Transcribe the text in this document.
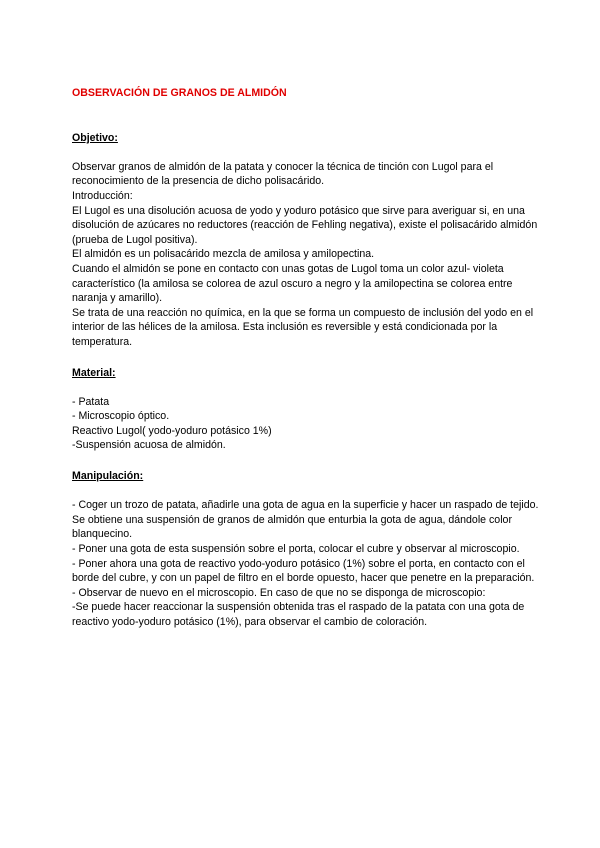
OBSERVACIÓN DE GRANOS DE ALMIDÓN
Objetivo:
Observar granos de almidón de la patata y conocer la técnica de tinción con Lugol para el reconocimiento de la presencia de dicho polisacárido.
Introducción:
El Lugol es una disolución acuosa de yodo y yoduro potásico que sirve para averiguar si, en una disolución de azúcares no reductores (reacción de Fehling negativa), existe el polisacárido almidón (prueba de Lugol positiva).
El almidón es un polisacárido mezcla de amilosa y amilopectina.
Cuando el almidón se pone en contacto con unas gotas de Lugol toma un color azul- violeta característico (la amilosa se colorea de azul oscuro a negro y la amilopectina se colorea entre naranja y amarillo).
Se trata de una reacción no química, en la que se forma un compuesto de inclusión del yodo en el interior de las hélices de la amilosa. Esta inclusión es reversible y está condicionada por la temperatura.
Material:
- Patata
- Microscopio óptico.
Reactivo Lugol( yodo-yoduro potásico 1%)
-Suspensión acuosa de almidón.
Manipulación:
- Coger un trozo de patata, añadirle una gota de agua en la superficie y hacer un raspado de tejido.
Se obtiene una suspensión de granos de almidón que enturbia la gota de agua, dándole color blanquecino.
- Poner una gota de esta suspensión sobre el porta, colocar el cubre y observar al microscopio.
- Poner ahora una gota de reactivo yodo-yoduro potásico (1%) sobre el porta, en contacto con el borde del cubre, y con un papel de filtro en el borde opuesto, hacer que penetre en la preparación.
- Observar de nuevo en el microscopio. En caso de que no se disponga de microscopio:
-Se puede hacer reaccionar la suspensión obtenida tras el raspado de la patata con una gota de reactivo yodo-yoduro potásico (1%), para observar el cambio de coloración.
